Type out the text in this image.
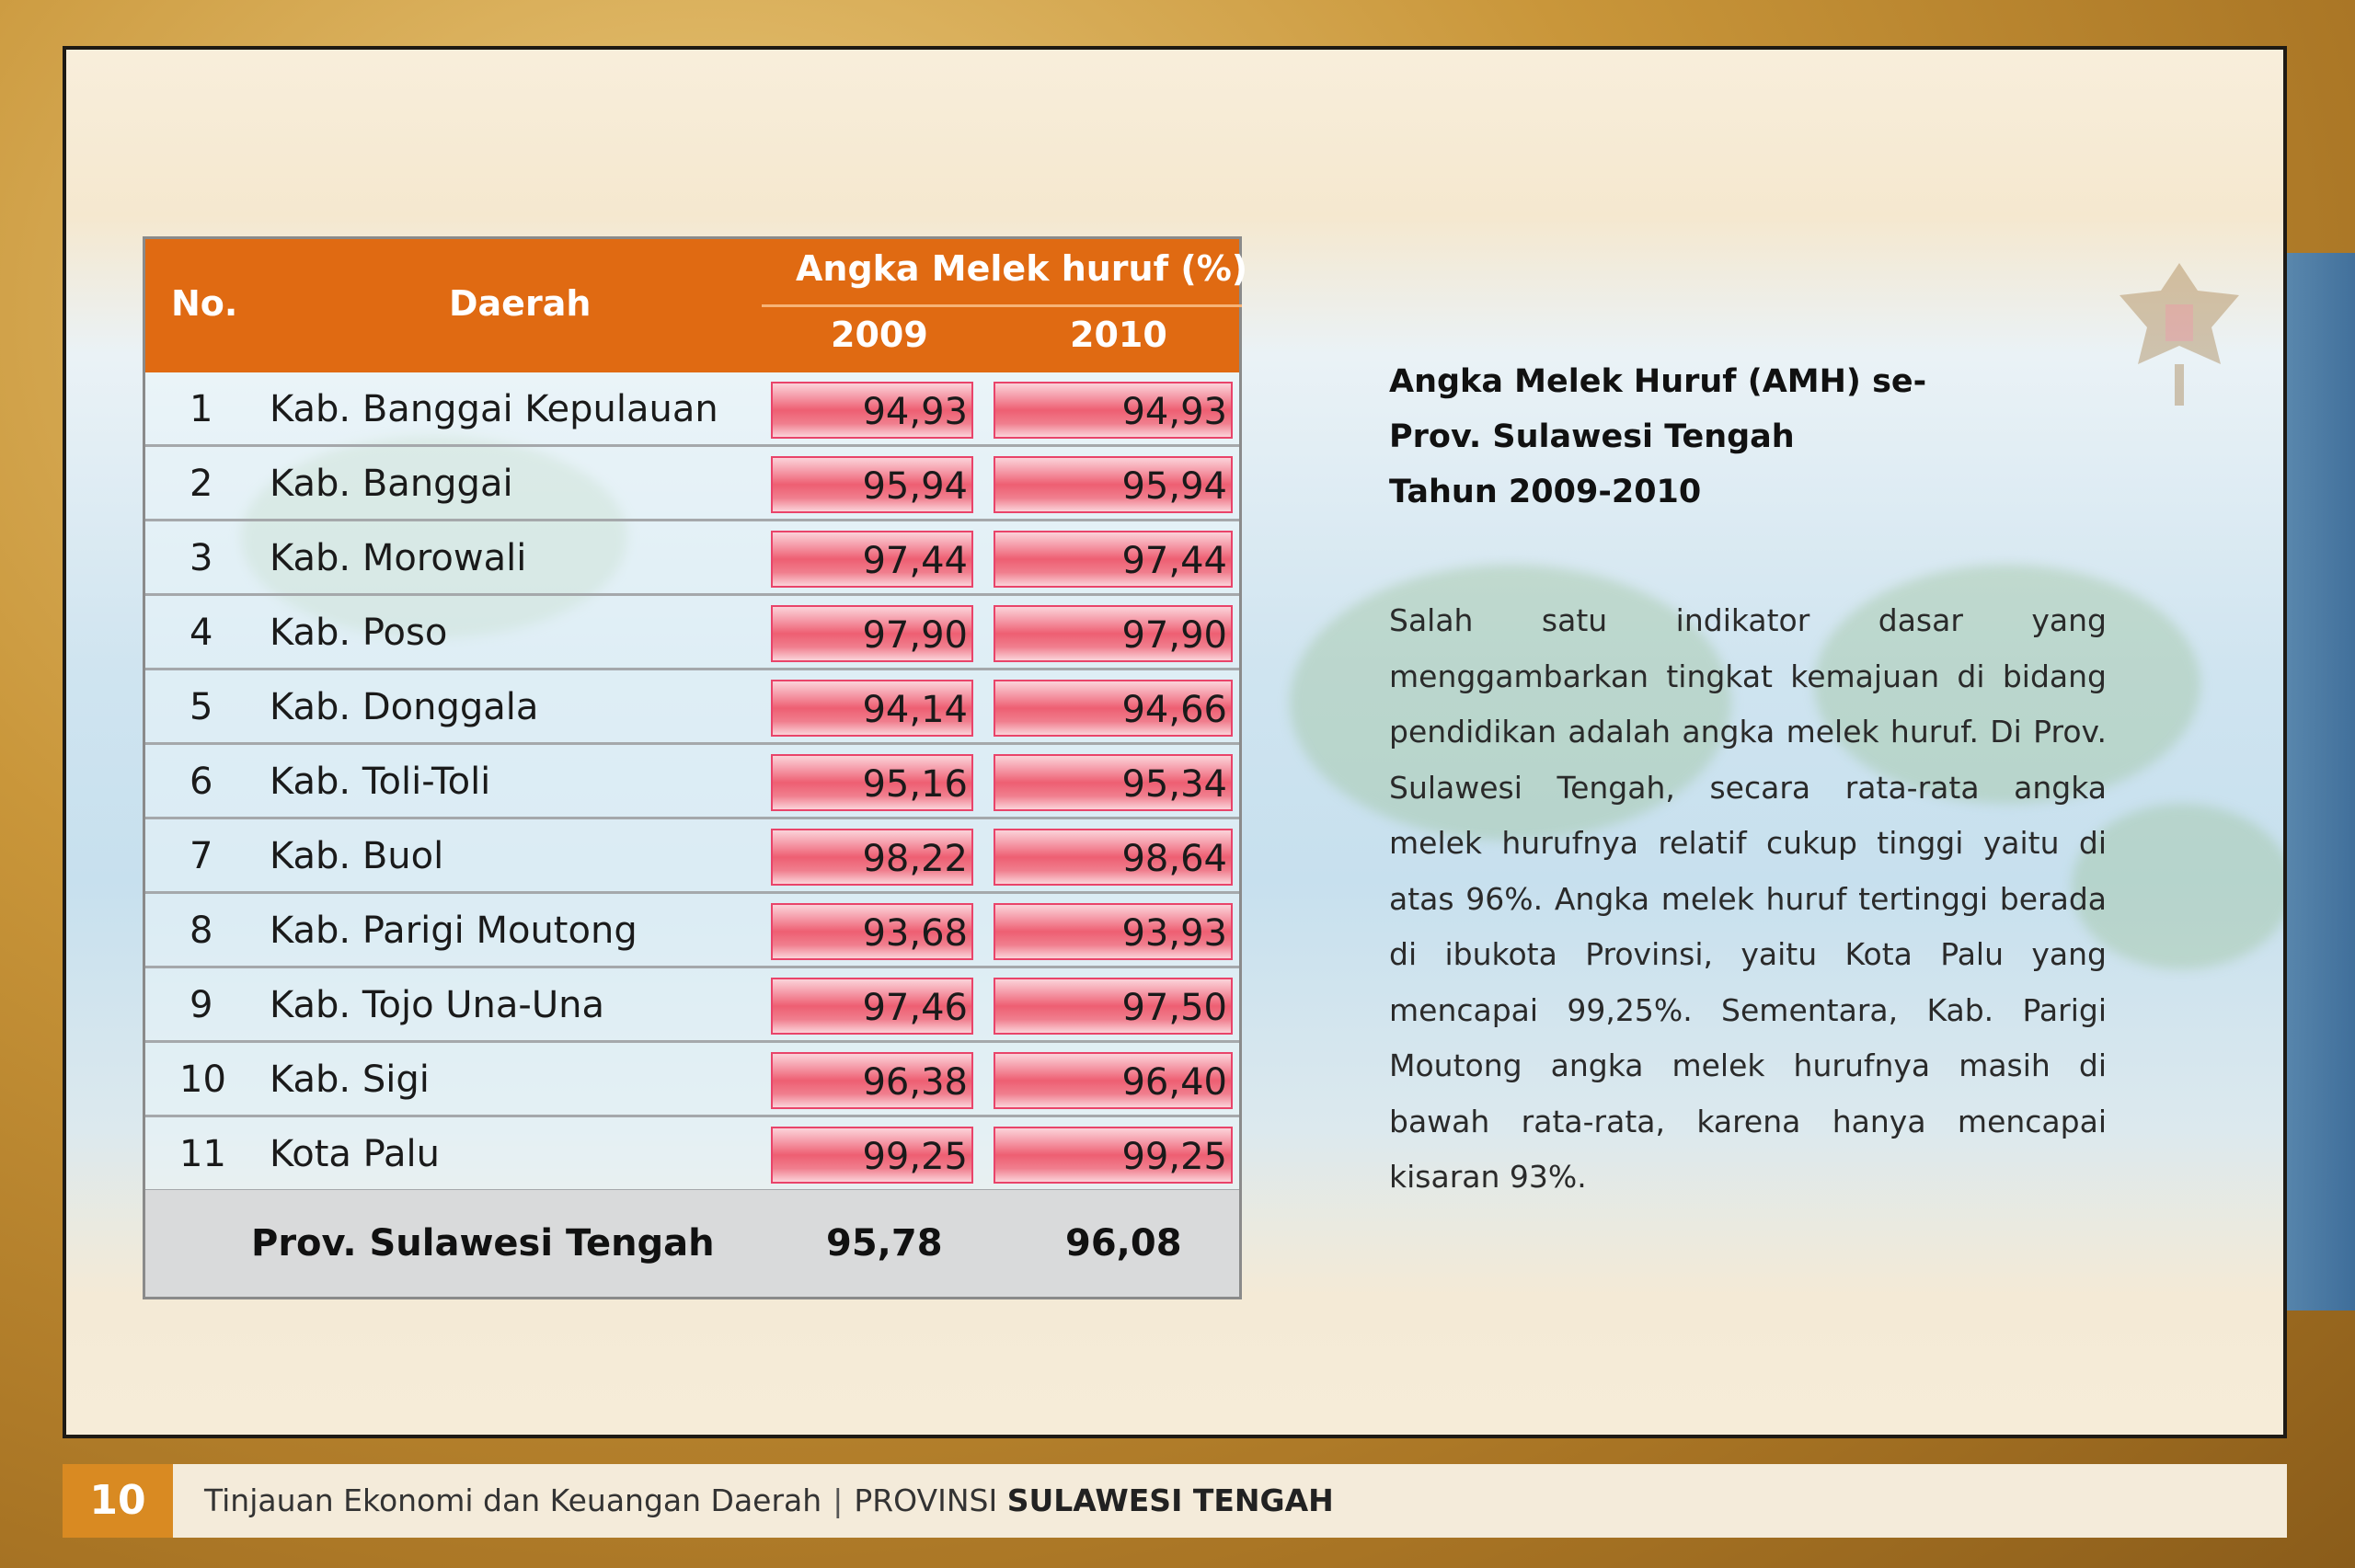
No.	Daerah
Angka Melek huruf (%)
2009	2010
1 Kab. Banggai Kepulauan	94,93	94,93
2 Kab. Banggai	95,94	95,94
3 Kab. Morowali	97,44	97,44
4 Kab. Poso	97,90	97,90
5 Kab. Donggala	94,14	94,66
6 Kab. Toli-Toli	95,16	95,34
7 Kab. Buol	98,22	98,64
8 Kab. Parigi Moutong	93,68	93,93
9 Kab. Tojo Una-Una	97,46	97,50
10 Kab. Sigi	96,38	96,40
11 Kota Palu	99,25	99,25
Prov. Sulawesi Tengah	95,78	96,08
Angka Melek Huruf (AMH) se-
Prov. Sulawesi Tengah
Tahun 2009-2010
Salah satu indikator dasar yang menggambarkan tingkat kemajuan di bidang pendidikan adalah angka melek huruf. Di Prov. Sulawesi Tengah, secara rata-rata angka melek hurufnya relatif cukup tinggi yaitu di atas 96%. Angka melek huruf tertinggi berada di ibukota Provinsi, yaitu Kota Palu yang mencapai 99,25%. Sementara, Kab. Parigi Moutong angka melek hurufnya masih di bawah rata-rata, karena hanya mencapai kisaran 93%.
10	Tinjauan Ekonomi dan Keuangan Daerah | PROVINSI SULAWESI TENGAH
